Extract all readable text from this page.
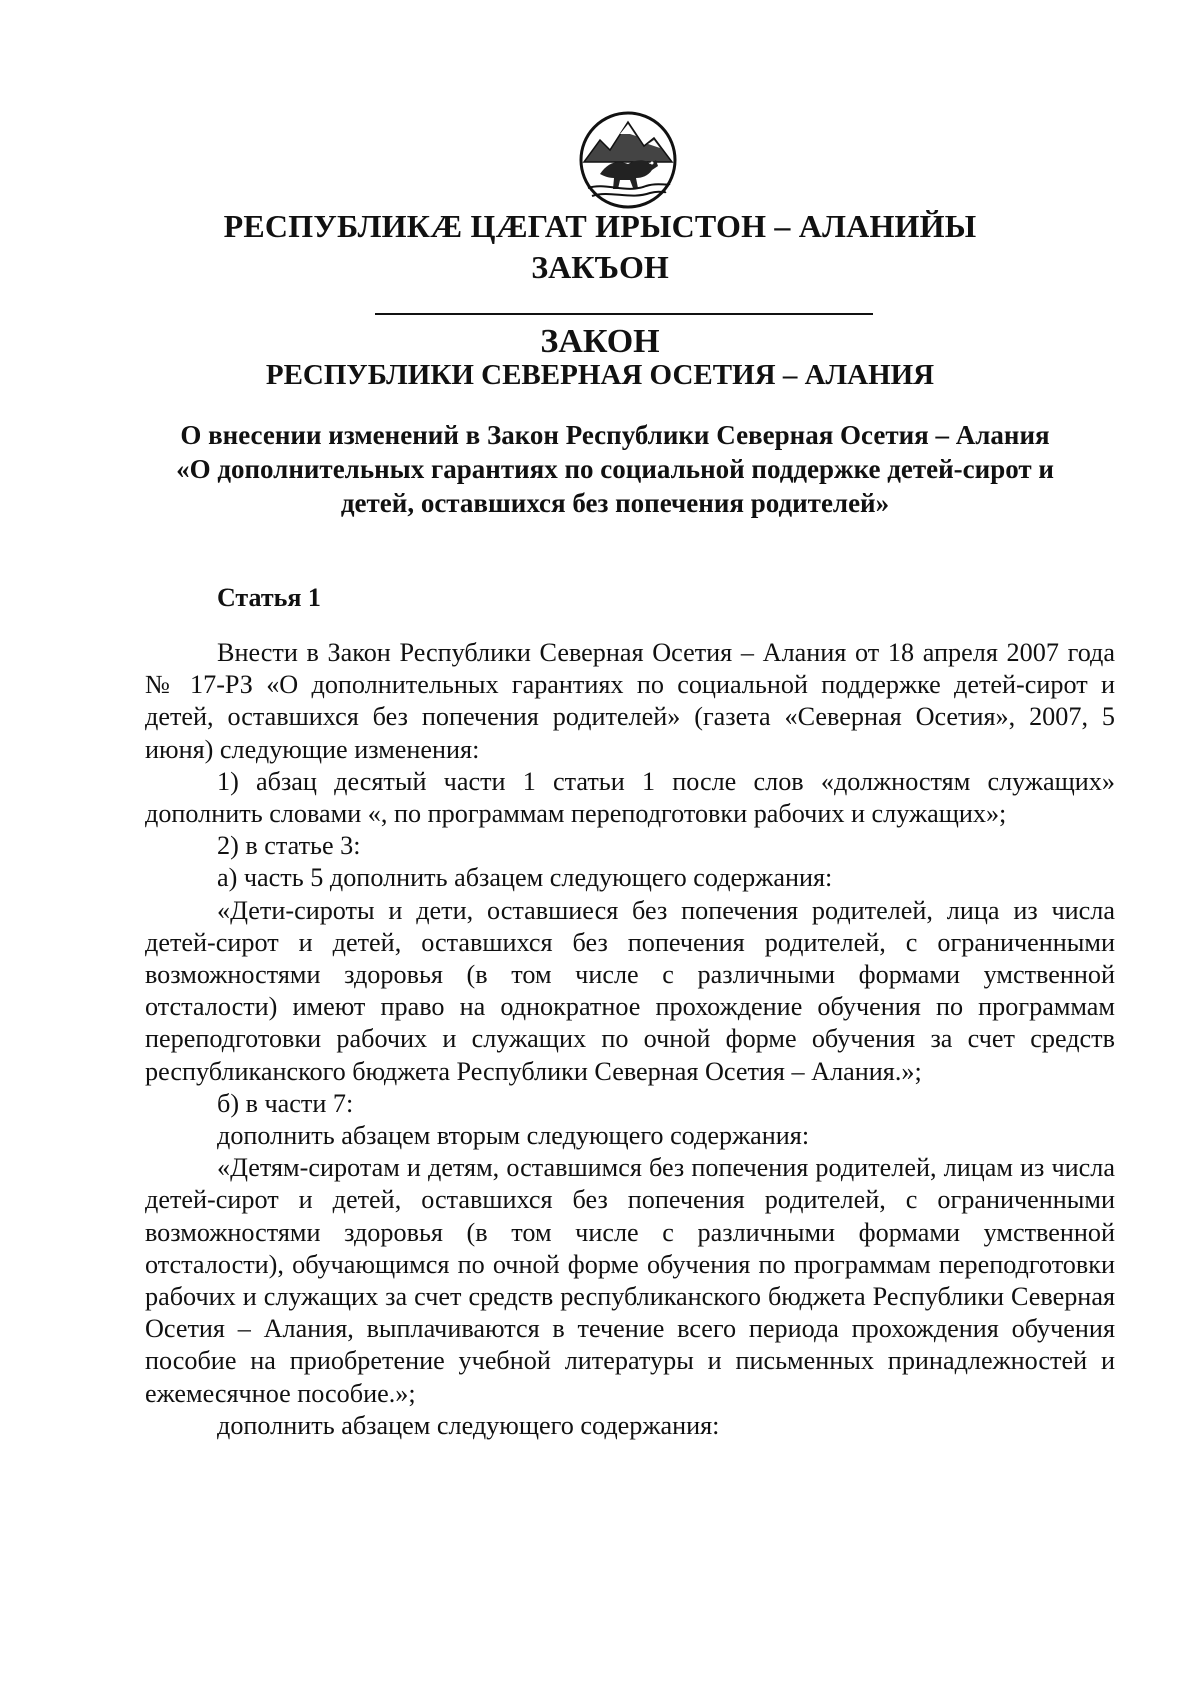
РЕСПУБЛИКӔ ЦӔГАТ ИРЫСТОН – АЛАНИЙЫ
ЗАКЪОН
ЗАКОН
РЕСПУБЛИКИ СЕВЕРНАЯ ОСЕТИЯ – АЛАНИЯ
О внесении изменений в Закон Республики Северная Осетия – Алания
«О дополнительных гарантиях по социальной поддержке детей-сирот и
детей, оставшихся без попечения родителей»
Статья 1

Внести в Закон Республики Северная Осетия – Алания от 18 апреля 2007 года № 17-РЗ «О дополнительных гарантиях по социальной поддержке детей-сирот и детей, оставшихся без попечения родителей» (газета «Северная Осетия», 2007, 5 июня) следующие изменения:

1) абзац десятый части 1 статьи 1 после слов «должностям служащих» дополнить словами «, по программам переподготовки рабочих и служащих»;

2) в статье 3:

а) часть 5 дополнить абзацем следующего содержания:

«Дети-сироты и дети, оставшиеся без попечения родителей, лица из числа детей-сирот и детей, оставшихся без попечения родителей, с ограниченными возможностями здоровья (в том числе с различными формами умственной отсталости) имеют право на однократное прохождение обучения по программам переподготовки рабочих и служащих по очной форме обучения за счет средств республиканского бюджета Республики Северная Осетия – Алания.»;

б) в части 7:

дополнить абзацем вторым следующего содержания:

«Детям-сиротам и детям, оставшимся без попечения родителей, лицам из числа детей-сирот и детей, оставшихся без попечения родителей, с ограниченными возможностями здоровья (в том числе с различными формами умственной отсталости), обучающимся по очной форме обучения по программам переподготовки рабочих и служащих за счет средств республиканского бюджета Республики Северная Осетия – Алания, выплачиваются в течение всего периода прохождения обучения пособие на приобретение учебной литературы и письменных принадлежностей и ежемесячное пособие.»;

дополнить абзацем следующего содержания:
